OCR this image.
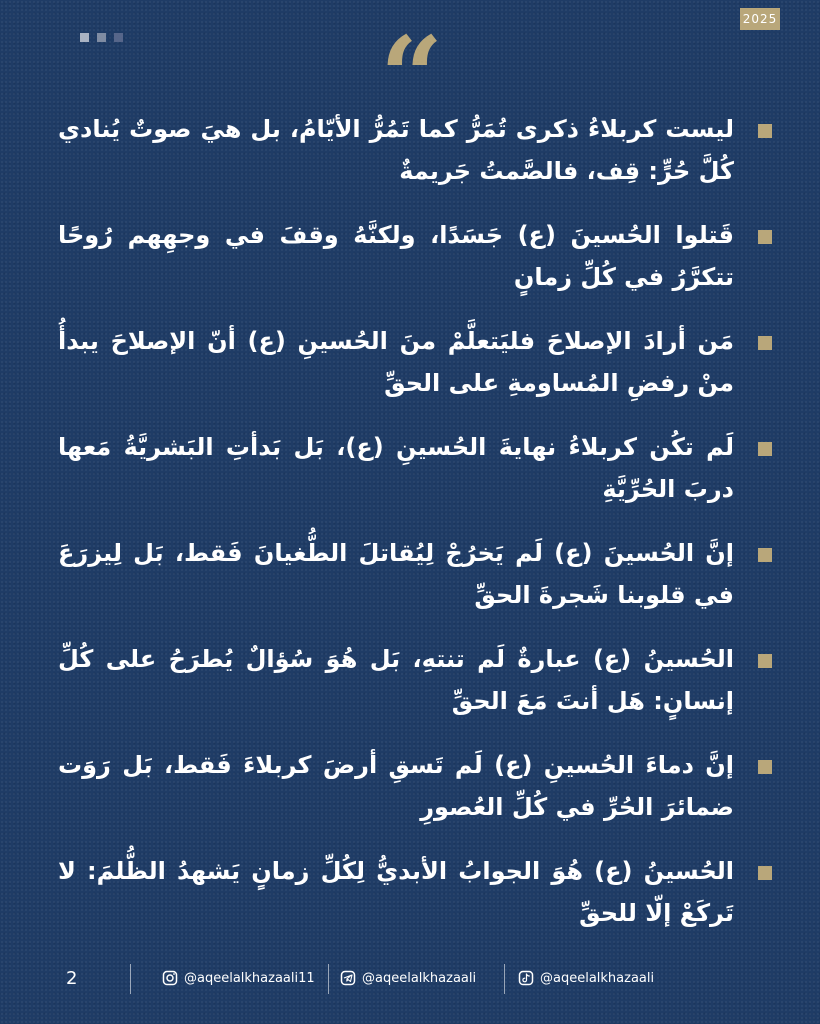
2025
“
ليست كربلاءُ ذكرى تُمَرُّ كما تَمُرُّ الأيّامُ، بل هيَ صوتٌ يُنادي كُلَّ حُرٍّ: قِف، فالصَّمتُ جَريمةٌ
قَتلوا الحُسينَ (ع) جَسَدًا، ولكنَّهُ وقفَ في وجهِهم رُوحًا تتكرَّرُ في كُلِّ زمانٍ
مَن أرادَ الإصلاحَ فليَتعلَّمْ منَ الحُسينِ (ع) أنّ الإصلاحَ يبدأُ منْ رفضِ المُساومةِ على الحقِّ
لَم تكُن كربلاءُ نهايةَ الحُسينِ (ع)، بَل بَدأتِ البَشريَّةُ مَعها دربَ الحُرِّيَّةِ
إنَّ الحُسينَ (ع) لَم يَخرُجْ لِيُقاتلَ الطُّغيانَ فَقط، بَل لِيزرَعَ في قلوبنا شَجرةَ الحقِّ
الحُسينُ (ع) عبارةٌ لَم تنتهِ، بَل هُوَ سُؤالٌ يُطرَحُ على كُلِّ إنسانٍ: هَل أنتَ مَعَ الحقِّ
إنَّ دماءَ الحُسينِ (ع) لَم تَسقِ أرضَ كربلاءَ فَقط، بَل رَوَت ضمائرَ الحُرِّ في كُلِّ العُصورِ
الحُسينُ (ع) هُوَ الجوابُ الأبديُّ لِكُلِّ زمانٍ يَشهدُ الظُّلمَ: لا تَركَعْ إلّا للحقِّ
2	@aqeelalkhazaali11	@aqeelalkhazaali	@aqeelalkhazaali
